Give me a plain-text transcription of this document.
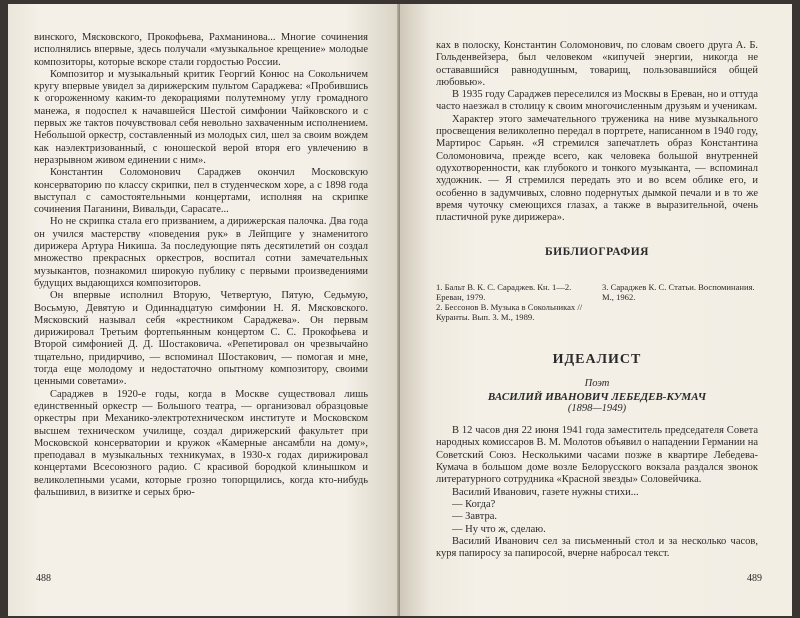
винского, Мясковского, Прокофьева, Рахманинова... Многие сочинения исполнялись впервые, здесь получали «музыкальное крещение» молодые композиторы, которые вскоре стали гордостью России.

Композитор и музыкальный критик Георгий Конюс на Сокольничем кругу впервые увидел за дирижерским пультом Сараджева: «Пробившись к огороженному каким-то декорациями полутемному углу громадного манежа, я подоспел к начавшейся Шестой симфонии Чайковского и с первых же тактов почувствовал себя невольно захваченным исполнением. Небольшой оркестр, составленный из молодых сил, шел за своим вождем как наэлектризованный, с юношеской верой вторя его увлечению в неразрывном живом единении с ним».

Константин Соломонович Сараджев окончил Московскую консерваторию по классу скрипки, пел в студенческом хоре, а с 1898 года выступал с самостоятельными концертами, исполняя на скрипке сочинения Паганини, Вивальди, Сарасате...

Но не скрипка стала его призванием, а дирижерская палочка. Два года он учился мастерству «поведения рук» в Лейпциге у знаменитого дирижера Артура Никиша. За последующие пять десятилетий он создал множество прекрасных оркестров, воспитал сотни замечательных музыкантов, познакомил широкую публику с первыми произведениями будущих выдающихся композиторов.

Он впервые исполнил Вторую, Четвертую, Пятую, Седьмую, Восьмую, Девятую и Одиннадцатую симфонии Н. Я. Мясковского. Мясковский называл себя «крестником Сараджева». Он первым дирижировал Третьим фортепьянным концертом С. С. Прокофьева и Второй симфонией Д. Д. Шостаковича. «Репетировал он чрезвычайно тщательно, придирчиво, — вспоминал Шостакович, — помогая и мне, тогда еще молодому и недостаточно опытному композитору, своими ценными советами».

Сараджев в 1920-е годы, когда в Москве существовал лишь единственный оркестр — Большого театра, — организовал образцовые оркестры при Механико-электротехническом институте и Московском высшем техническом училище, создал дирижерский факультет при Московской консерватории и кружок «Камерные ансамбли на дому», преподавал в музыкальных техникумах, в 1930-х годах дирижировал концертами Всесоюзного радио. С красивой бородкой клинышком и великолепными усами, которые грозно топорщились, когда кто-нибудь фальшивил, в визитке и серых брю-

488

ках в полоску, Константин Соломонович, по словам своего друга А. Б. Гольденвейзера, был человеком «кипучей энергии, никогда не остававшийся равнодушным, товарищ, пользовавшийся общей любовью».

В 1935 году Сараджев переселился из Москвы в Ереван, но и оттуда часто наезжал в столицу к своим многочисленным друзьям и ученикам.

Характер этого замечательного труженика на ниве музыкального просвещения великолепно передал в портрете, написанном в 1940 году, Мартирос Сарьян. «Я стремился запечатлеть образ Константина Соломоновича, прежде всего, как человека большой внутренней одухотворенности, как глубокого и тонкого музыканта, — вспоминал художник. — Я стремился передать это и во всем облике его, и особенно в задумчивых, словно подернутых дымкой печали и в то же время чуточку смеющихся глазах, а также в выразительной, очень пластичной руке дирижера».

БИБЛИОГРАФИЯ

1. Бальт В. К. С. Сараджев. Кн. 1—2. Ереван, 1979.

2. Бессонов В. Музыка в Сокольниках // Куранты. Вып. 3. М., 1989.

3. Сараджев К. С. Статьи. Воспоминания. М., 1962.

ИДЕАЛИСТ

Поэт

ВАСИЛИЙ ИВАНОВИЧ ЛЕБЕДЕВ-КУМАЧ

(1898—1949)

В 12 часов дня 22 июня 1941 года заместитель председателя Совета народных комиссаров В. М. Молотов объявил о нападении Германии на Советский Союз. Несколькими часами позже в квартире Лебедева-Кумача в большом доме возле Белорусского вокзала раздался звонок литературного сотрудника «Красной звезды» Соловейчика.

Василий Иванович, газете нужны стихи...

— Когда?

— Завтра.

— Ну что ж, сделаю.

Василий Иванович сел за письменный стол и за несколько часов, куря папиросу за папиросой, вчерне набросал текст.

489
